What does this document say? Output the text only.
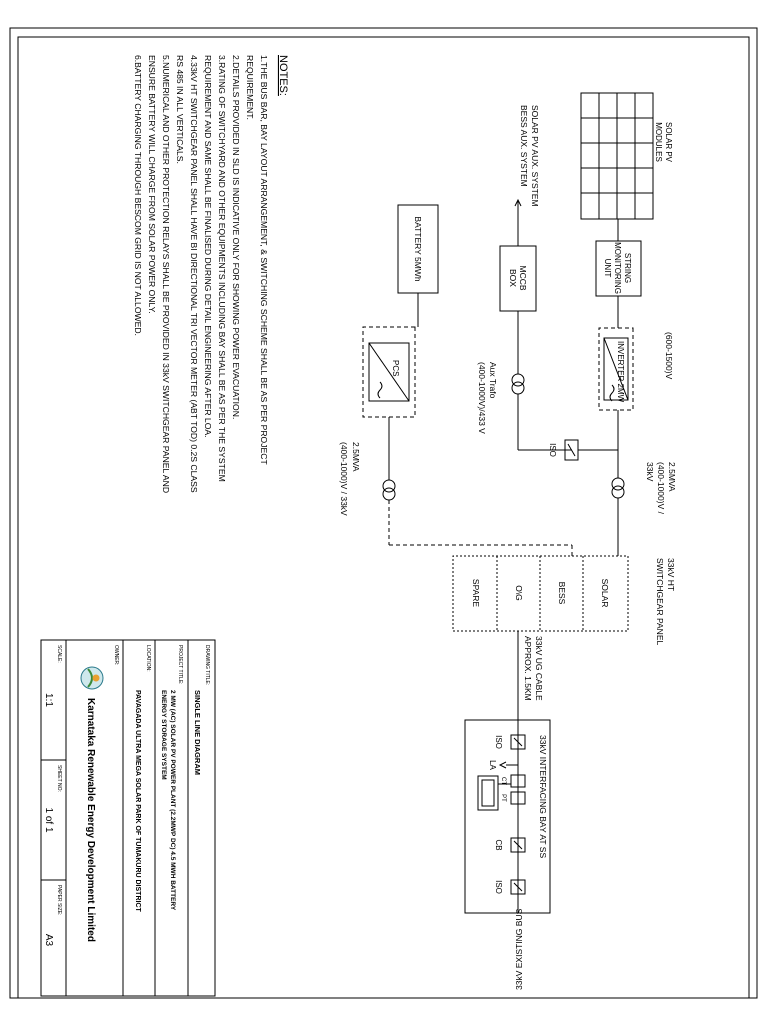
NOTES:
1.THE BUS BAR, BAY LAYOUT ARRANGEMENT, & SWITCHING SCHEME SHALL BE AS PER PROJECT
REQUIREMENT.
2.DETAILS PROVIDED IN SLD IS INDICATIVE ONLY FOR SHOWING POWER EVACUATION.
3.RATING OF SWITCHYARD AND OTHER EQUIPMENTS INCLUDING BAY SHALL BE AS PER THE SYSTEM
REQUIREMENT AND SAME SHALL BE FINALISED DURING DETAIL ENGINEERING AFTER LOA.
4.33kV HT SWITCHGEAR PANEL SHALL HAVE BI DIRECTIONAL TRI VECTOR METER (ABT TOD) 0.2S CLASS
RS 485 IN ALL VERTICALS.
5.NUMERICAL AND OTHER PROTECTION RELAYS SHALL BE PROVIDED IN 33kV SWITCHGEAR PANEL AND
ENSURE BATTERY WILL CHARGE FROM SOLAR POWER ONLY.
6.BATTERY CHARGING THROUGH BESCOM GRID IS NOT ALLOWED.	SOLAR PV
MODULES
STRING
MONITORING
UNIT
(600-1500)V
INVERTER 2MW
2.5MVA
(400-1000)V /
33kV
33kV HT
SWITCHGEAR PANEL
SOLAR
BESS
O\G
SPARE
SOLAR PV AUX. SYSTEM
BESS AUX. SYSTEM
MCCB
BOX
Aux Trafo
(400-1000V)/433 V
ISO
BATTERY 5MWh
PCS
2.5MVA
(400-1000)V / 33kV
33kV UG CABLE
APPROX. 1.5KM
33kV INTERFACING BAY AT SS
ISO
LA
CT
PT
CB
ISO
33kV EXISTING BUS
DRAWING TITLE:
SINGLE LINE DIAGRAM
PROJECT TITLE:
2 MW (AC) SOLAR PV POWER PLANT (2.2MWP DC) 4.5 MWH BATTERY
ENERGY STORAGE SYSTEM
LOCATION:
PAVAGADA ULTRA MEGA SOLAR PARK OF TUMAKURU DISTRICT
OWNER:
Karnataka Renewable Energy Development Limited
SCALE:
1:1
SHEET NO:
1 of 1
PAPER SIZE:
A3
